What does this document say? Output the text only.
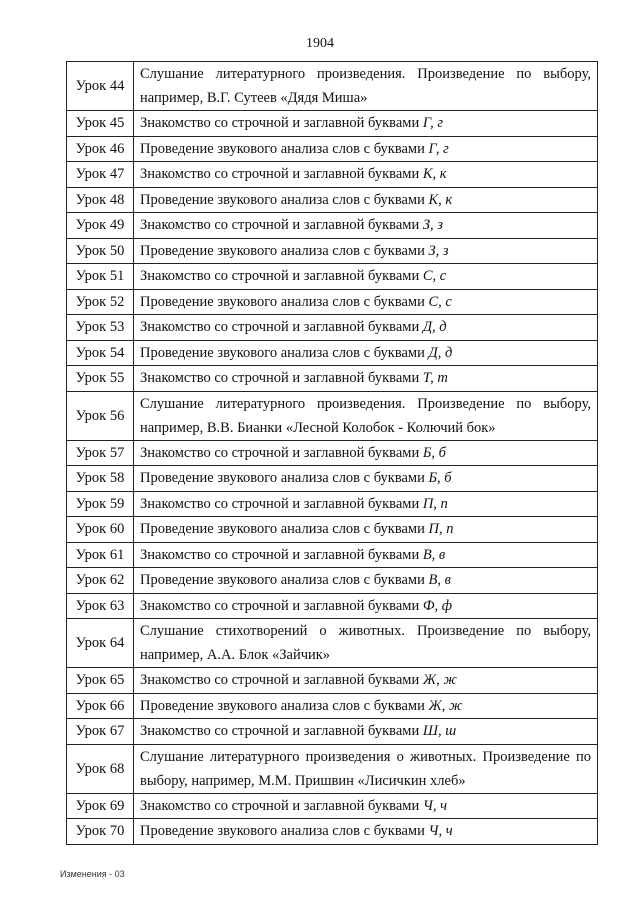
1904
Урок 44	Слушание литературного произведения. Произведение по выбору, например, В.Г. Сутеев «Дядя Миша»
Урок 45	Знакомство со строчной и заглавной буквами Г, г
Урок 46	Проведение звукового анализа слов с буквами Г, г
Урок 47	Знакомство со строчной и заглавной буквами К, к
Урок 48	Проведение звукового анализа слов с буквами К, к
Урок 49	Знакомство со строчной и заглавной буквами З, з
Урок 50	Проведение звукового анализа слов с буквами З, з
Урок 51	Знакомство со строчной и заглавной буквами С, с
Урок 52	Проведение звукового анализа слов с буквами С, с
Урок 53	Знакомство со строчной и заглавной буквами Д, д
Урок 54	Проведение звукового анализа слов с буквами Д, д
Урок 55	Знакомство со строчной и заглавной буквами Т, т
Урок 56	Слушание литературного произведения. Произведение по выбору, например, В.В. Бианки «Лесной Колобок - Колючий бок»
Урок 57	Знакомство со строчной и заглавной буквами Б, б
Урок 58	Проведение звукового анализа слов с буквами Б, б
Урок 59	Знакомство со строчной и заглавной буквами П, п
Урок 60	Проведение звукового анализа слов с буквами П, п
Урок 61	Знакомство со строчной и заглавной буквами В, в
Урок 62	Проведение звукового анализа слов с буквами В, в
Урок 63	Знакомство со строчной и заглавной буквами Ф, ф
Урок 64	Слушание стихотворений о животных. Произведение по выбору, например, А.А. Блок «Зайчик»
Урок 65	Знакомство со строчной и заглавной буквами Ж, ж
Урок 66	Проведение звукового анализа слов с буквами Ж, ж
Урок 67	Знакомство со строчной и заглавной буквами Ш, ш
Урок 68	Слушание литературного произведения о животных. Произведение по выбору, например, М.М. Пришвин «Лисичкин хлеб»
Урок 69	Знакомство со строчной и заглавной буквами Ч, ч
Урок 70	Проведение звукового анализа слов с буквами Ч, ч
Изменения - 03
